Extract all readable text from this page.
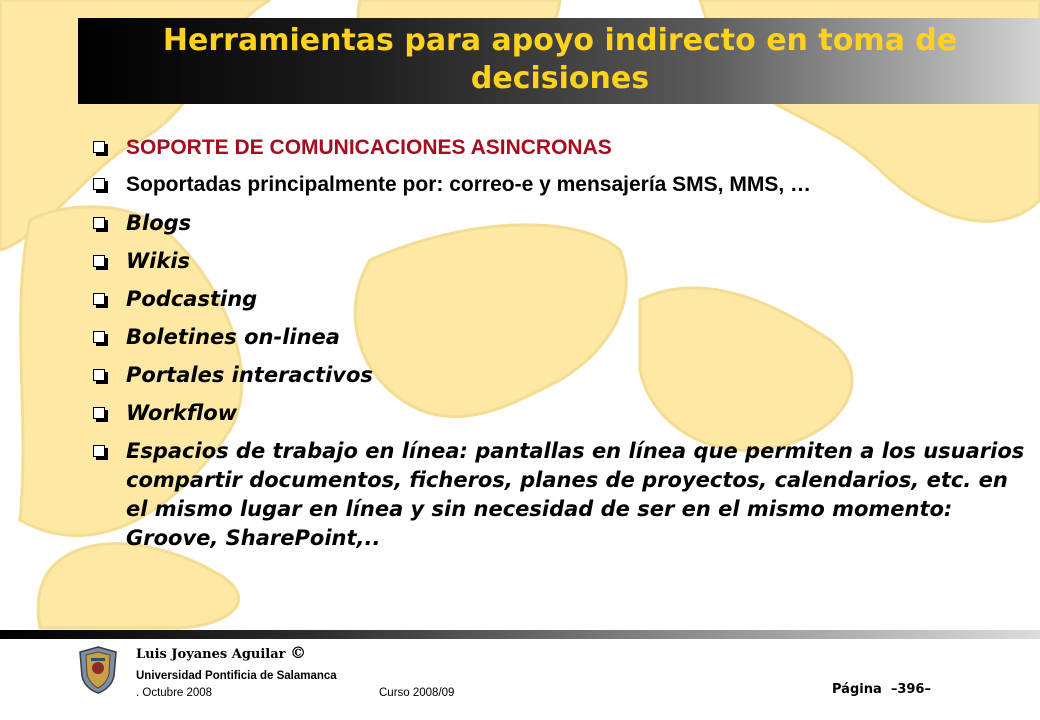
Herramientas para apoyo indirecto en toma de decisiones
SOPORTE DE COMUNICACIONES ASINCRONAS
Soportadas principalmente por: correo-e y mensajería SMS, MMS, …
Blogs
Wikis
Podcasting
Boletines on-linea
Portales interactivos
Workflow
Espacios de trabajo en línea: pantallas en línea que permiten a los usuarios compartir documentos, ficheros, planes de proyectos, calendarios, etc. en el mismo lugar en línea y sin necesidad de ser en el mismo momento: Groove, SharePoint,..
Luis Joyanes Aguilar ©
Universidad Pontificia de Salamanca
. Octubre 2008	Curso 2008/09	Página –396–
